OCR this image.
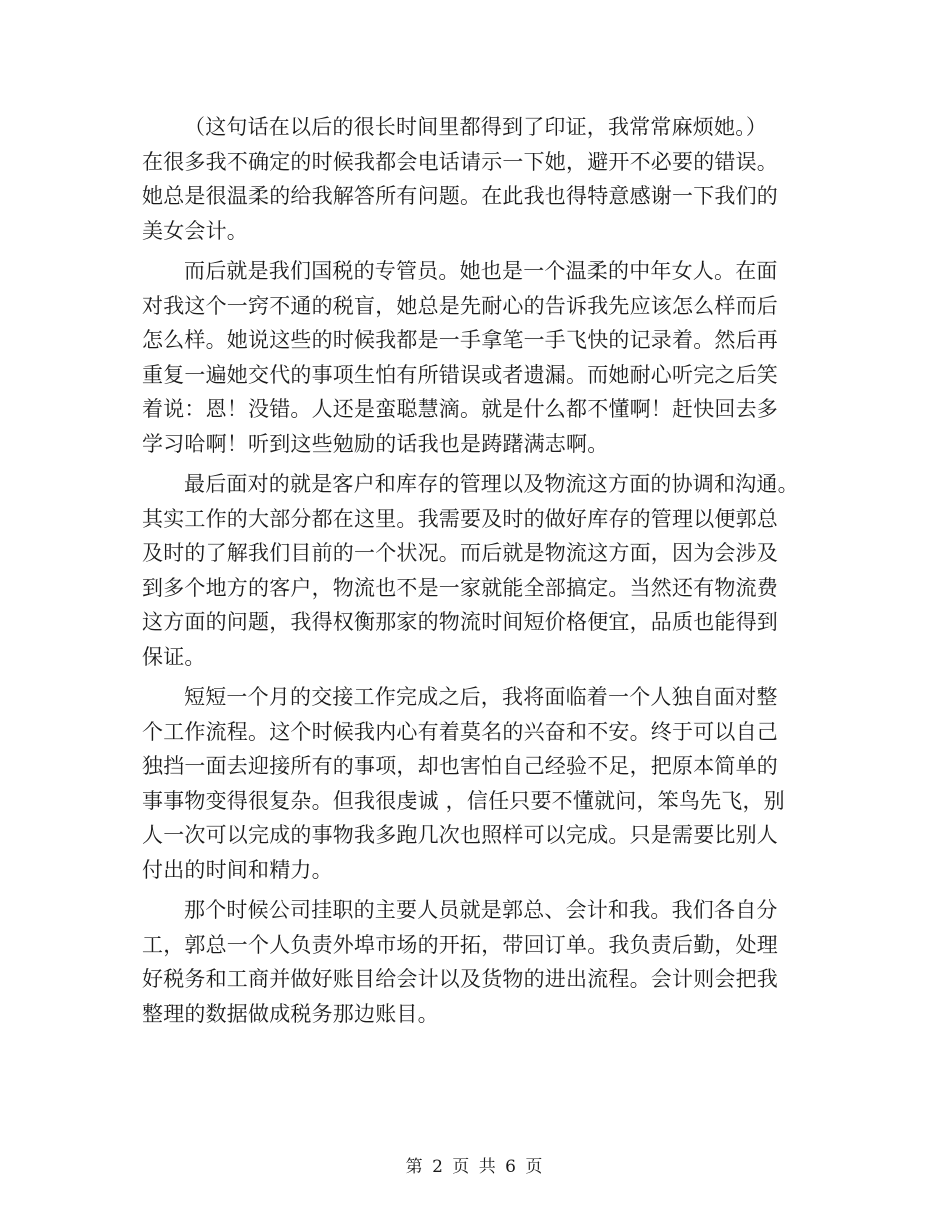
（这句话在以后的很长时间里都得到了印证，我常常麻烦她。）
在很多我不确定的时候我都会电话请示一下她，避开不必要的错误。
她总是很温柔的给我解答所有问题。在此我也得特意感谢一下我们的
美女会计。

而后就是我们国税的专管员。她也是一个温柔的中年女人。在面
对我这个一窍不通的税盲，她总是先耐心的告诉我先应该怎么样而后
怎么样。她说这些的时候我都是一手拿笔一手飞快的记录着。然后再
重复一遍她交代的事项生怕有所错误或者遗漏。而她耐心听完之后笑
着说：恩！没错。人还是蛮聪慧滴。就是什么都不懂啊！赶快回去多
学习哈啊！听到这些勉励的话我也是踌躇满志啊。

最后面对的就是客户和库存的管理以及物流这方面的协调和沟通。
其实工作的大部分都在这里。我需要及时的做好库存的管理以便郭总
及时的了解我们目前的一个状况。而后就是物流这方面，因为会涉及
到多个地方的客户，物流也不是一家就能全部搞定。当然还有物流费
这方面的问题，我得权衡那家的物流时间短价格便宜，品质也能得到
保证。

短短一个月的交接工作完成之后，我将面临着一个人独自面对整
个工作流程。这个时候我内心有着莫名的兴奋和不安。终于可以自己
独挡一面去迎接所有的事项，却也害怕自己经验不足，把原本简单的
事事物变得很复杂。但我很虔诚 ，信任只要不懂就问，笨鸟先飞，别
人一次可以完成的事物我多跑几次也照样可以完成。只是需要比别人
付出的时间和精力。

那个时候公司挂职的主要人员就是郭总、会计和我。我们各自分
工，郭总一个人负责外埠市场的开拓，带回订单。我负责后勤，处理
好税务和工商并做好账目给会计以及货物的进出流程。会计则会把我
整理的数据做成税务那边账目。

第 2 页 共 6 页
